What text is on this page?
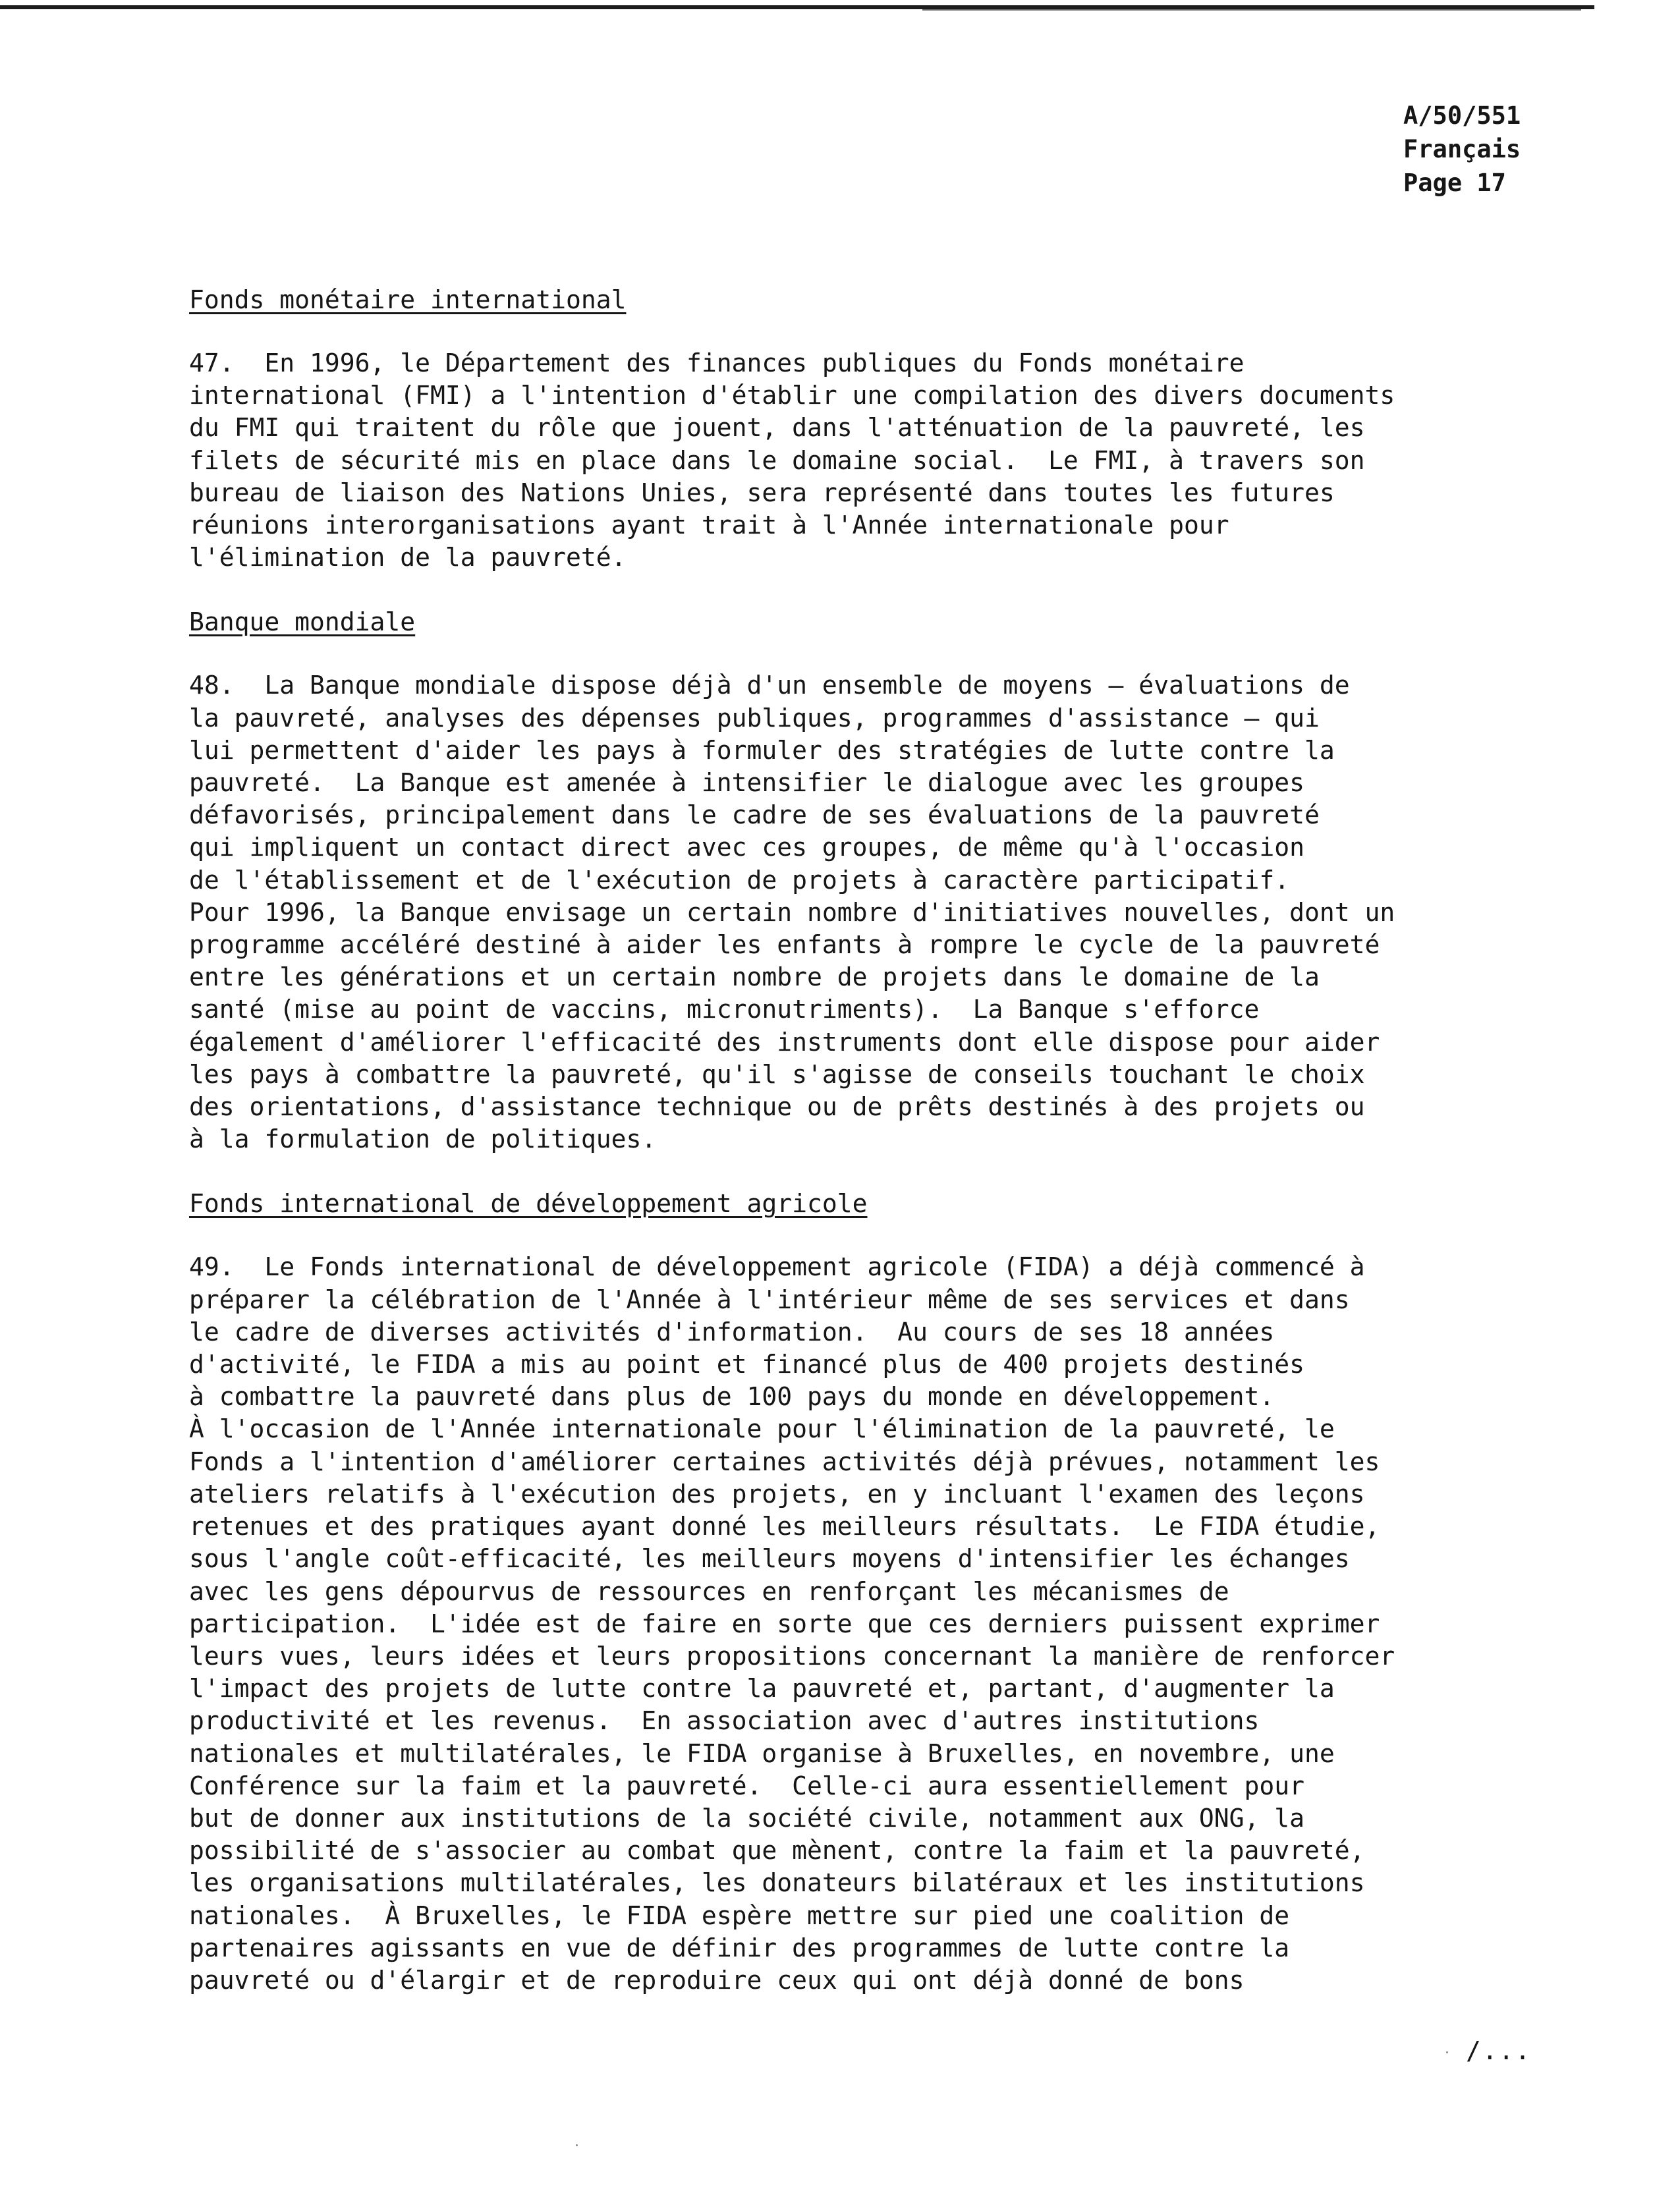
A/50/551
Français
Page 17
Fonds monétaire international
47.  En 1996, le Département des finances publiques du Fonds monétaire
international (FMI) a l'intention d'établir une compilation des divers documents
du FMI qui traitent du rôle que jouent, dans l'atténuation de la pauvreté, les
filets de sécurité mis en place dans le domaine social.  Le FMI, à travers son
bureau de liaison des Nations Unies, sera représenté dans toutes les futures
réunions interorganisations ayant trait à l'Année internationale pour
l'élimination de la pauvreté.
Banque mondiale
48.  La Banque mondiale dispose déjà d'un ensemble de moyens – évaluations de
la pauvreté, analyses des dépenses publiques, programmes d'assistance – qui
lui permettent d'aider les pays à formuler des stratégies de lutte contre la
pauvreté.  La Banque est amenée à intensifier le dialogue avec les groupes
défavorisés, principalement dans le cadre de ses évaluations de la pauvreté
qui impliquent un contact direct avec ces groupes, de même qu'à l'occasion
de l'établissement et de l'exécution de projets à caractère participatif.
Pour 1996, la Banque envisage un certain nombre d'initiatives nouvelles, dont un
programme accéléré destiné à aider les enfants à rompre le cycle de la pauvreté
entre les générations et un certain nombre de projets dans le domaine de la
santé (mise au point de vaccins, micronutriments).  La Banque s'efforce
également d'améliorer l'efficacité des instruments dont elle dispose pour aider
les pays à combattre la pauvreté, qu'il s'agisse de conseils touchant le choix
des orientations, d'assistance technique ou de prêts destinés à des projets ou
à la formulation de politiques.
Fonds international de développement agricole
49.  Le Fonds international de développement agricole (FIDA) a déjà commencé à
préparer la célébration de l'Année à l'intérieur même de ses services et dans
le cadre de diverses activités d'information.  Au cours de ses 18 années
d'activité, le FIDA a mis au point et financé plus de 400 projets destinés
à combattre la pauvreté dans plus de 100 pays du monde en développement.
À l'occasion de l'Année internationale pour l'élimination de la pauvreté, le
Fonds a l'intention d'améliorer certaines activités déjà prévues, notamment les
ateliers relatifs à l'exécution des projets, en y incluant l'examen des leçons
retenues et des pratiques ayant donné les meilleurs résultats.  Le FIDA étudie,
sous l'angle coût-efficacité, les meilleurs moyens d'intensifier les échanges
avec les gens dépourvus de ressources en renforçant les mécanismes de
participation.  L'idée est de faire en sorte que ces derniers puissent exprimer
leurs vues, leurs idées et leurs propositions concernant la manière de renforcer
l'impact des projets de lutte contre la pauvreté et, partant, d'augmenter la
productivité et les revenus.  En association avec d'autres institutions
nationales et multilatérales, le FIDA organise à Bruxelles, en novembre, une
Conférence sur la faim et la pauvreté.  Celle-ci aura essentiellement pour
but de donner aux institutions de la société civile, notamment aux ONG, la
possibilité de s'associer au combat que mènent, contre la faim et la pauvreté,
les organisations multilatérales, les donateurs bilatéraux et les institutions
nationales.  À Bruxelles, le FIDA espère mettre sur pied une coalition de
partenaires agissants en vue de définir des programmes de lutte contre la
pauvreté ou d'élargir et de reproduire ceux qui ont déjà donné de bons
/...
